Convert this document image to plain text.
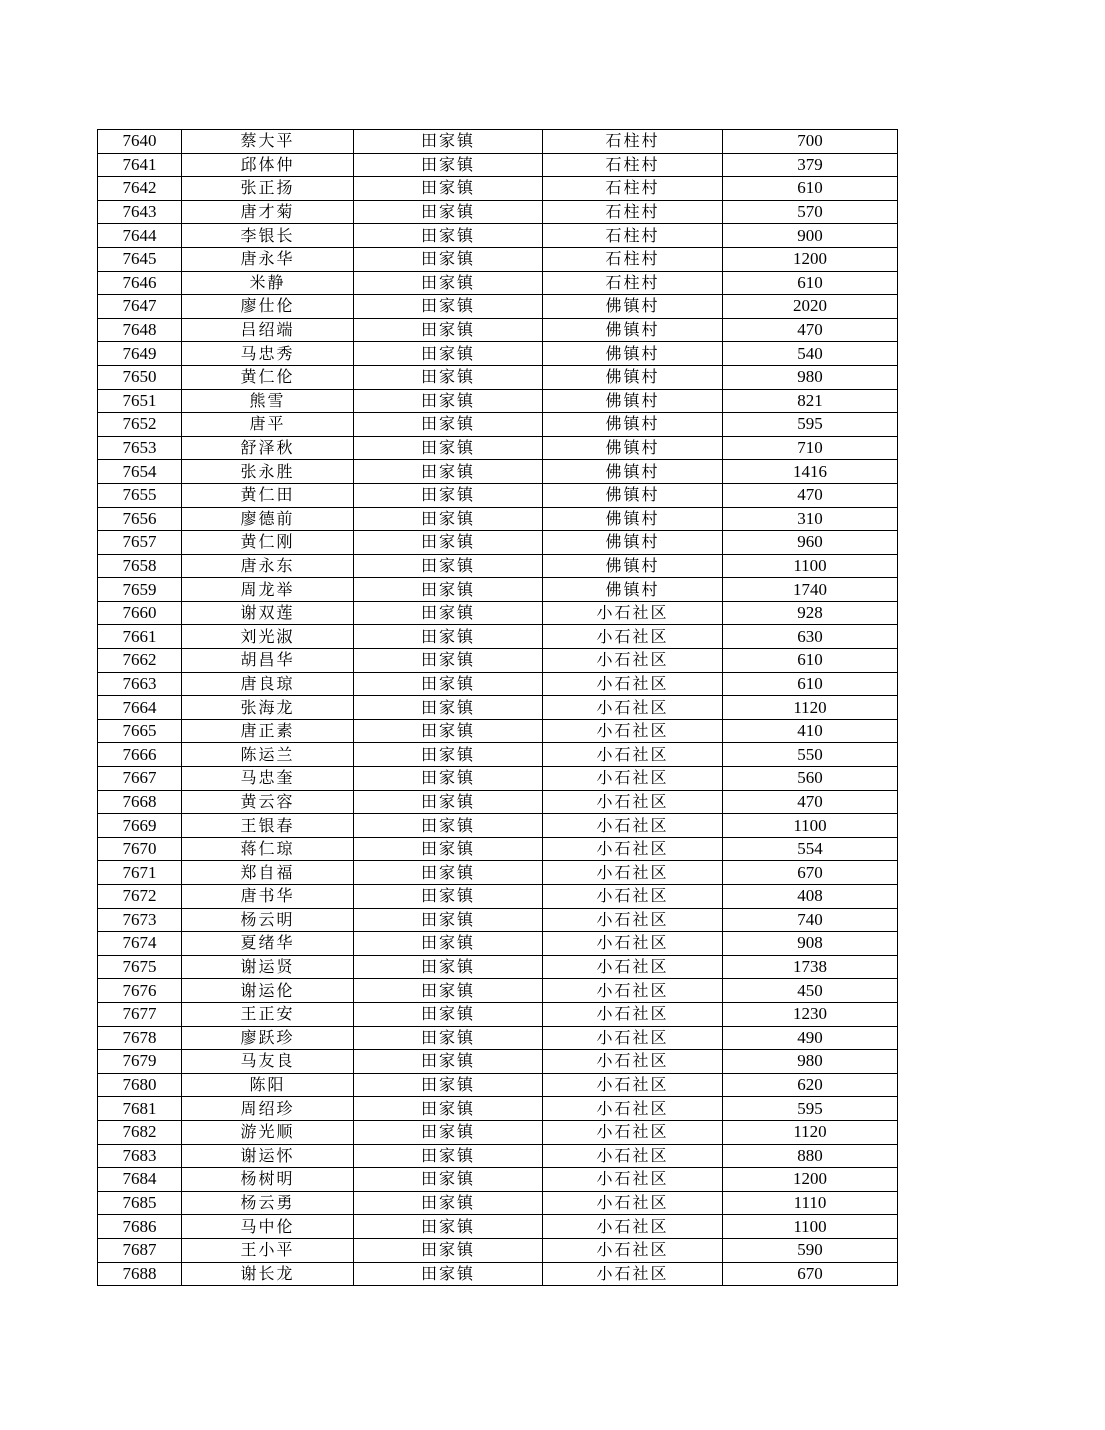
7640	蔡大平	田家镇	石柱村	700
7641	邱体仲	田家镇	石柱村	379
7642	张正扬	田家镇	石柱村	610
7643	唐才菊	田家镇	石柱村	570
7644	李银长	田家镇	石柱村	900
7645	唐永华	田家镇	石柱村	1200
7646	米静	田家镇	石柱村	610
7647	廖仕伦	田家镇	佛镇村	2020
7648	吕绍端	田家镇	佛镇村	470
7649	马忠秀	田家镇	佛镇村	540
7650	黄仁伦	田家镇	佛镇村	980
7651	熊雪	田家镇	佛镇村	821
7652	唐平	田家镇	佛镇村	595
7653	舒泽秋	田家镇	佛镇村	710
7654	张永胜	田家镇	佛镇村	1416
7655	黄仁田	田家镇	佛镇村	470
7656	廖德前	田家镇	佛镇村	310
7657	黄仁刚	田家镇	佛镇村	960
7658	唐永东	田家镇	佛镇村	1100
7659	周龙举	田家镇	佛镇村	1740
7660	谢双莲	田家镇	小石社区	928
7661	刘光淑	田家镇	小石社区	630
7662	胡昌华	田家镇	小石社区	610
7663	唐良琼	田家镇	小石社区	610
7664	张海龙	田家镇	小石社区	1120
7665	唐正素	田家镇	小石社区	410
7666	陈运兰	田家镇	小石社区	550
7667	马忠奎	田家镇	小石社区	560
7668	黄云容	田家镇	小石社区	470
7669	王银春	田家镇	小石社区	1100
7670	蒋仁琼	田家镇	小石社区	554
7671	郑自福	田家镇	小石社区	670
7672	唐书华	田家镇	小石社区	408
7673	杨云明	田家镇	小石社区	740
7674	夏绪华	田家镇	小石社区	908
7675	谢运贤	田家镇	小石社区	1738
7676	谢运伦	田家镇	小石社区	450
7677	王正安	田家镇	小石社区	1230
7678	廖跃珍	田家镇	小石社区	490
7679	马友良	田家镇	小石社区	980
7680	陈阳	田家镇	小石社区	620
7681	周绍珍	田家镇	小石社区	595
7682	游光顺	田家镇	小石社区	1120
7683	谢运怀	田家镇	小石社区	880
7684	杨树明	田家镇	小石社区	1200
7685	杨云勇	田家镇	小石社区	1110
7686	马中伦	田家镇	小石社区	1100
7687	王小平	田家镇	小石社区	590
7688	谢长龙	田家镇	小石社区	670
